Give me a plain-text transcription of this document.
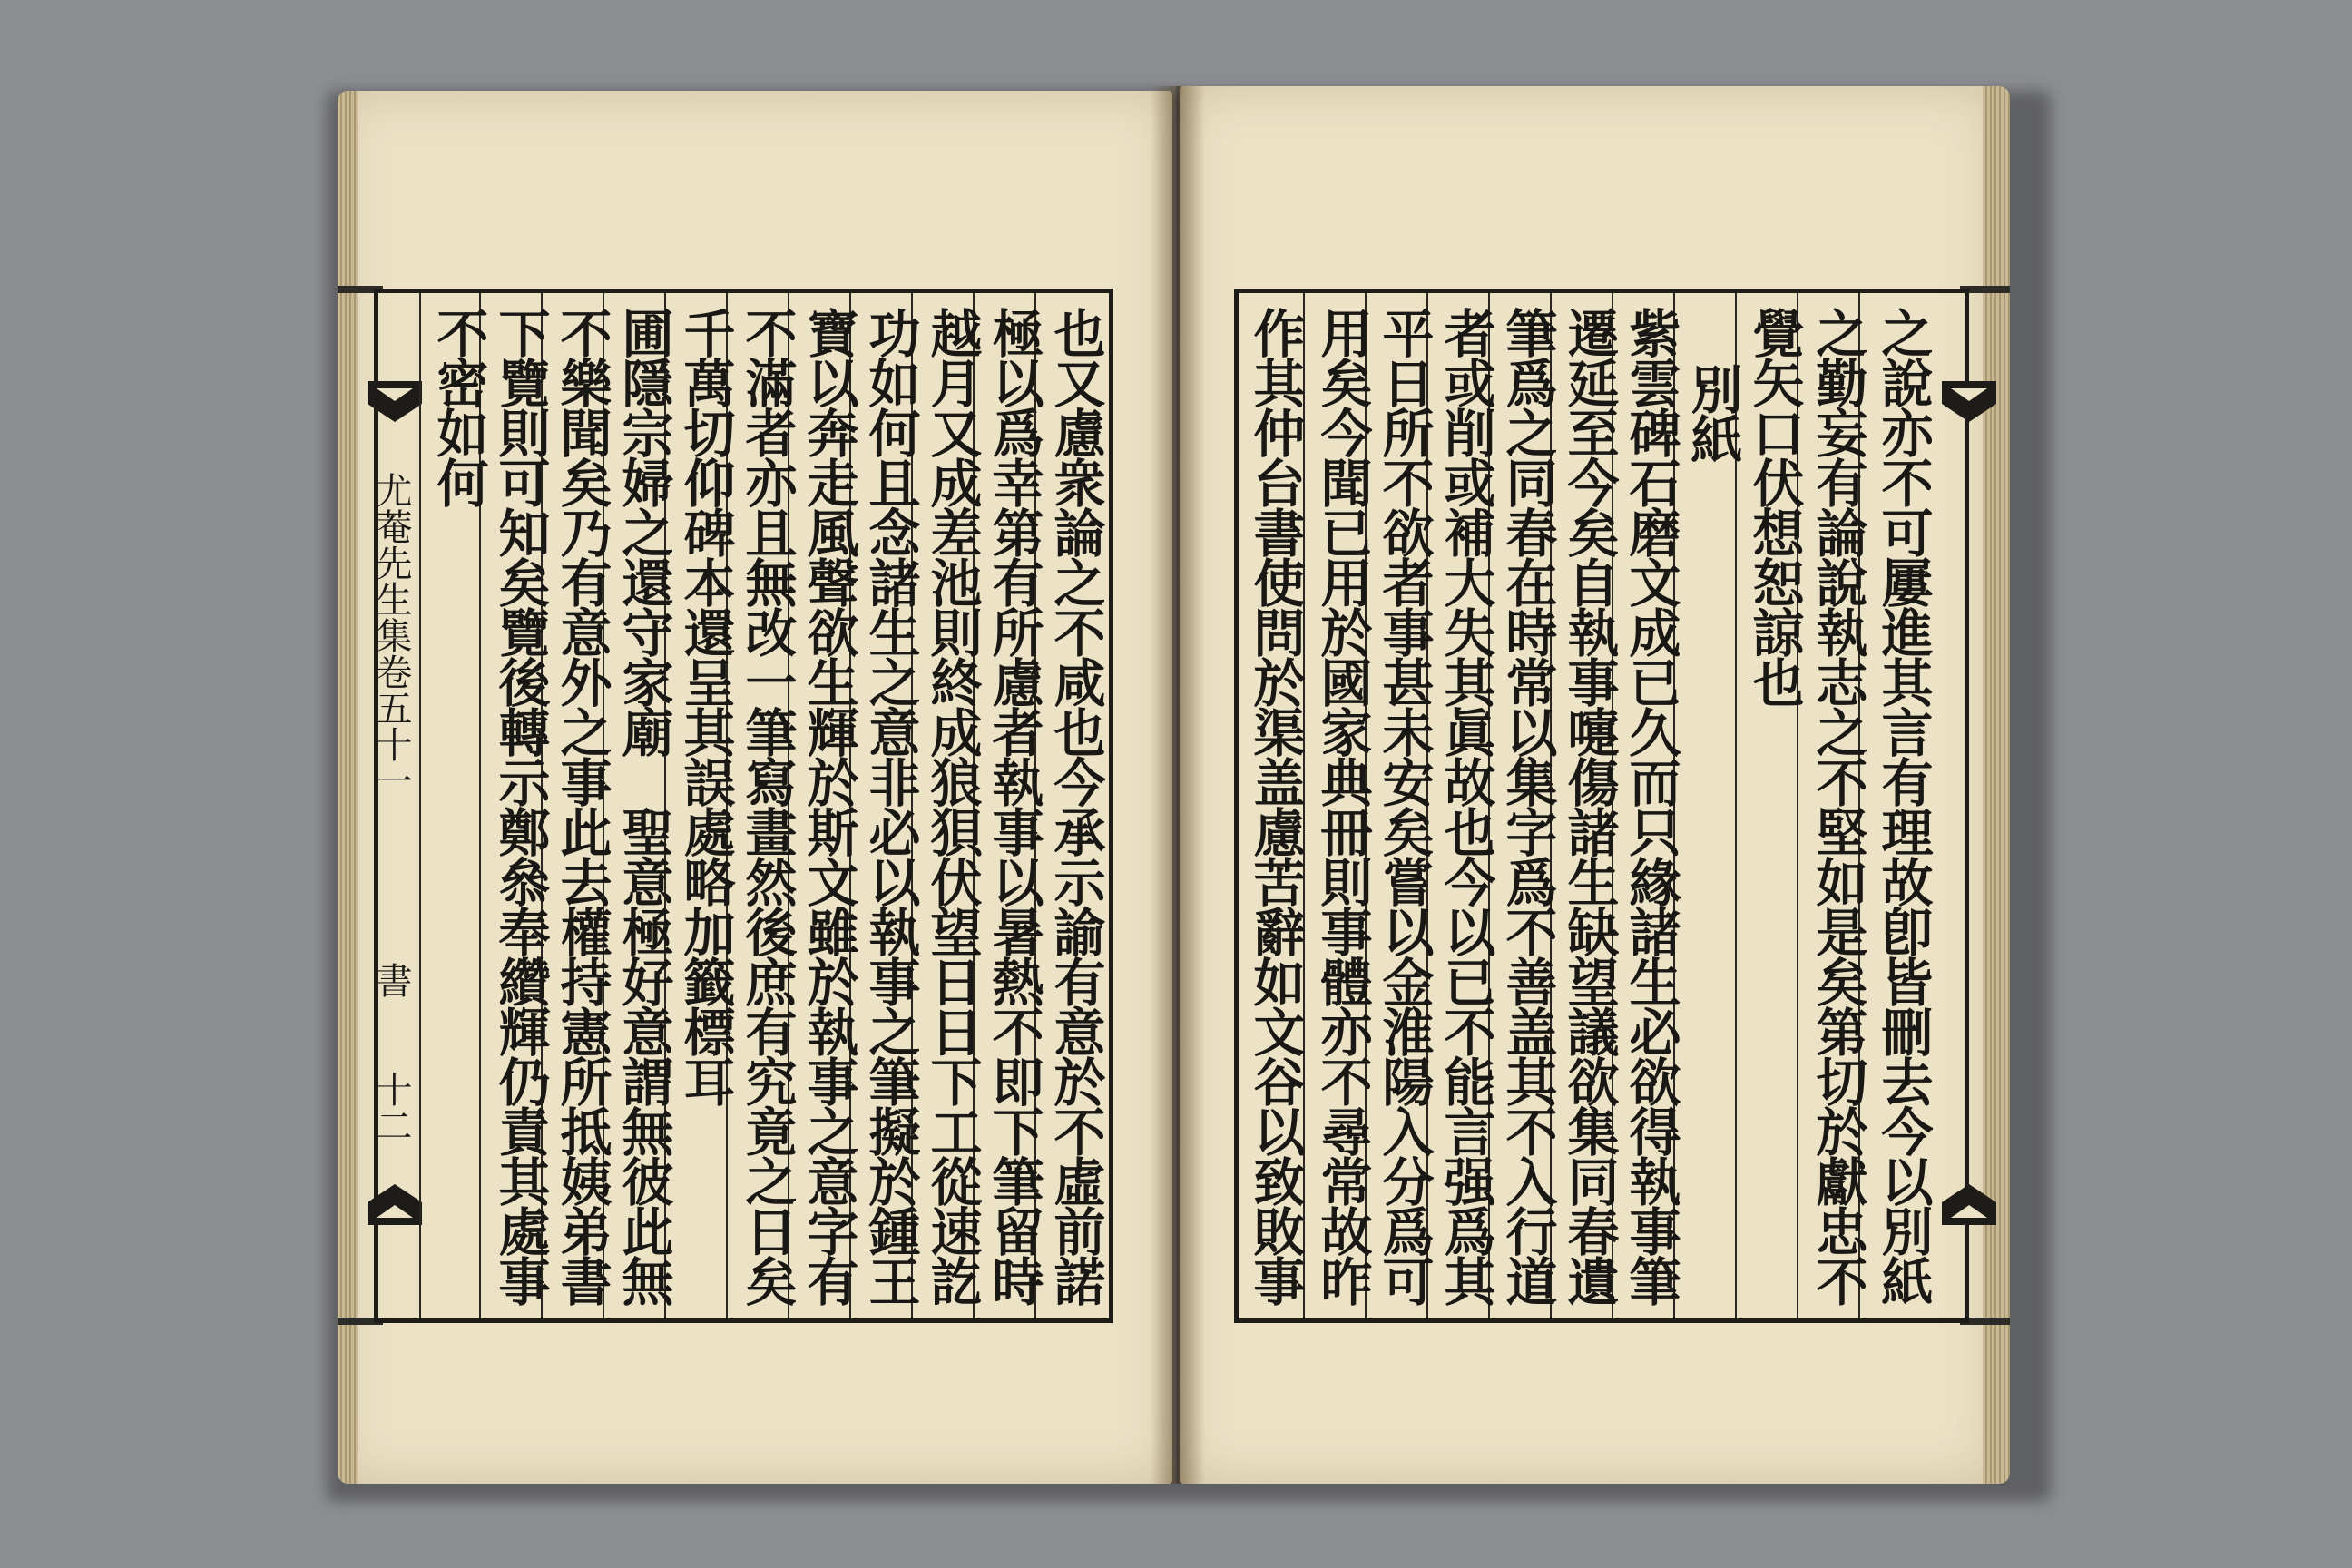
尤菴先生集卷五十一
書
十二	也又慮衆論之不咸也今承示諭有意於不虛前諾
極以爲幸第有所慮者執事以暑熱不即下筆留時
越月又成差池則終成狼狽伏望日日下工從速訖
功如何且念諸生之意非必以執事之筆擬於鍾王
寶以奔走風聲欲生輝於斯文雖於執事之意字有
不滿者亦且無改一筆寫畫然後庶有究竟之日矣
千萬切仰碑本還呈其誤處略加籤標耳
圃隱宗婦之還守家廟　聖意極好意謂無彼此無
不樂聞矣乃有意外之事此去權持憲所抵姨弟書
下覽則可知矣覽後轉示鄭叅奉纘輝仍責其處事
不密如何	之說亦不可屢進其言有理故卽皆刪去今以別紙
之勤妄有論說執志之不堅如是矣第切於獻忠不
覺矢口伏想恕諒也
別紙
紫雲碑石磨文成已久而只緣諸生必欲得執事筆
遷延至今矣自執事嚏傷諸生缺望議欲集同春遺
筆爲之同春在時常以集字爲不善盖其不入行道
者或削或補大失其眞故也今以已不能言强爲其
平日所不欲者事甚未安矣嘗以金淮陽入分爲可
用矣今聞已用於國家典冊則事體亦不尋常故昨
作其仲台書使問於渠盖慮苦辭如文谷以致敗事
